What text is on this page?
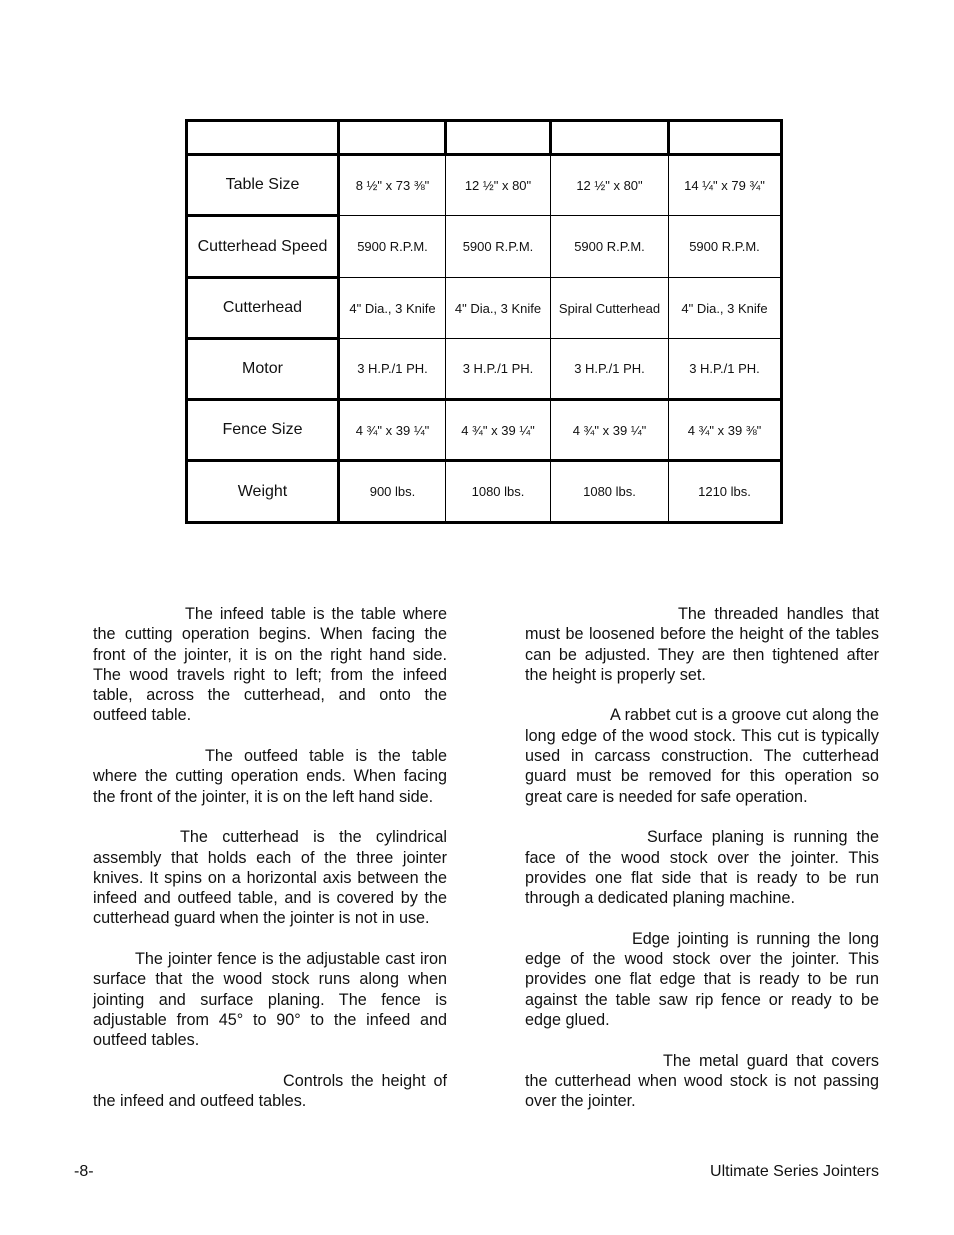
Table Size	8 ½" x 73 ⅜"	12 ½" x 80"	12 ½" x 80"	14 ¼" x 79 ¾"
Cutterhead Speed	5900 R.P.M.	5900 R.P.M.	5900 R.P.M.	5900 R.P.M.
Cutterhead	4" Dia., 3 Knife	4" Dia., 3 Knife	Spiral Cutterhead	4" Dia., 3 Knife
Motor	3 H.P./1 PH.	3 H.P./1 PH.	3 H.P./1 PH.	3 H.P./1 PH.
Fence Size	4 ¾" x 39 ¼"	4 ¾" x 39 ¼"	4 ¾" x 39 ¼"	4 ¾" x 39 ⅜"
Weight	900 lbs.	1080 lbs.	1080 lbs.	1210 lbs.

The infeed table is the table where the cutting operation begins. When facing the front of the jointer, it is on the right hand side. The wood travels right to left; from the infeed table, across the cutterhead, and onto the outfeed table.

The outfeed table is the table where the cutting operation ends. When facing the front of the jointer, it is on the left hand side.

The cutterhead is the cylindrical assembly that holds each of the three jointer knives. It spins on a horizontal axis between the infeed and outfeed table, and is covered by the cutterhead guard when the jointer is not in use.

The jointer fence is the adjustable cast iron surface that the wood stock runs along when jointing and surface planing. The fence is adjustable from 45° to 90° to the infeed and outfeed tables.

Controls the height of the infeed and outfeed tables.

The threaded handles that must be loosened before the height of the tables can be adjusted. They are then tightened after the height is properly set.

A rabbet cut is a groove cut along the long edge of the wood stock. This cut is typically used in carcass construction. The cutterhead guard must be removed for this operation so great care is needed for safe operation.

Surface planing is running the face of the wood stock over the jointer. This provides one flat side that is ready to be run through a dedicated planing machine.

Edge jointing is running the long edge of the wood stock over the jointer. This provides one flat edge that is ready to be run against the table saw rip fence or ready to be edge glued.

The metal guard that covers the cutterhead when wood stock is not passing over the jointer.

-8-	Ultimate Series Jointers
